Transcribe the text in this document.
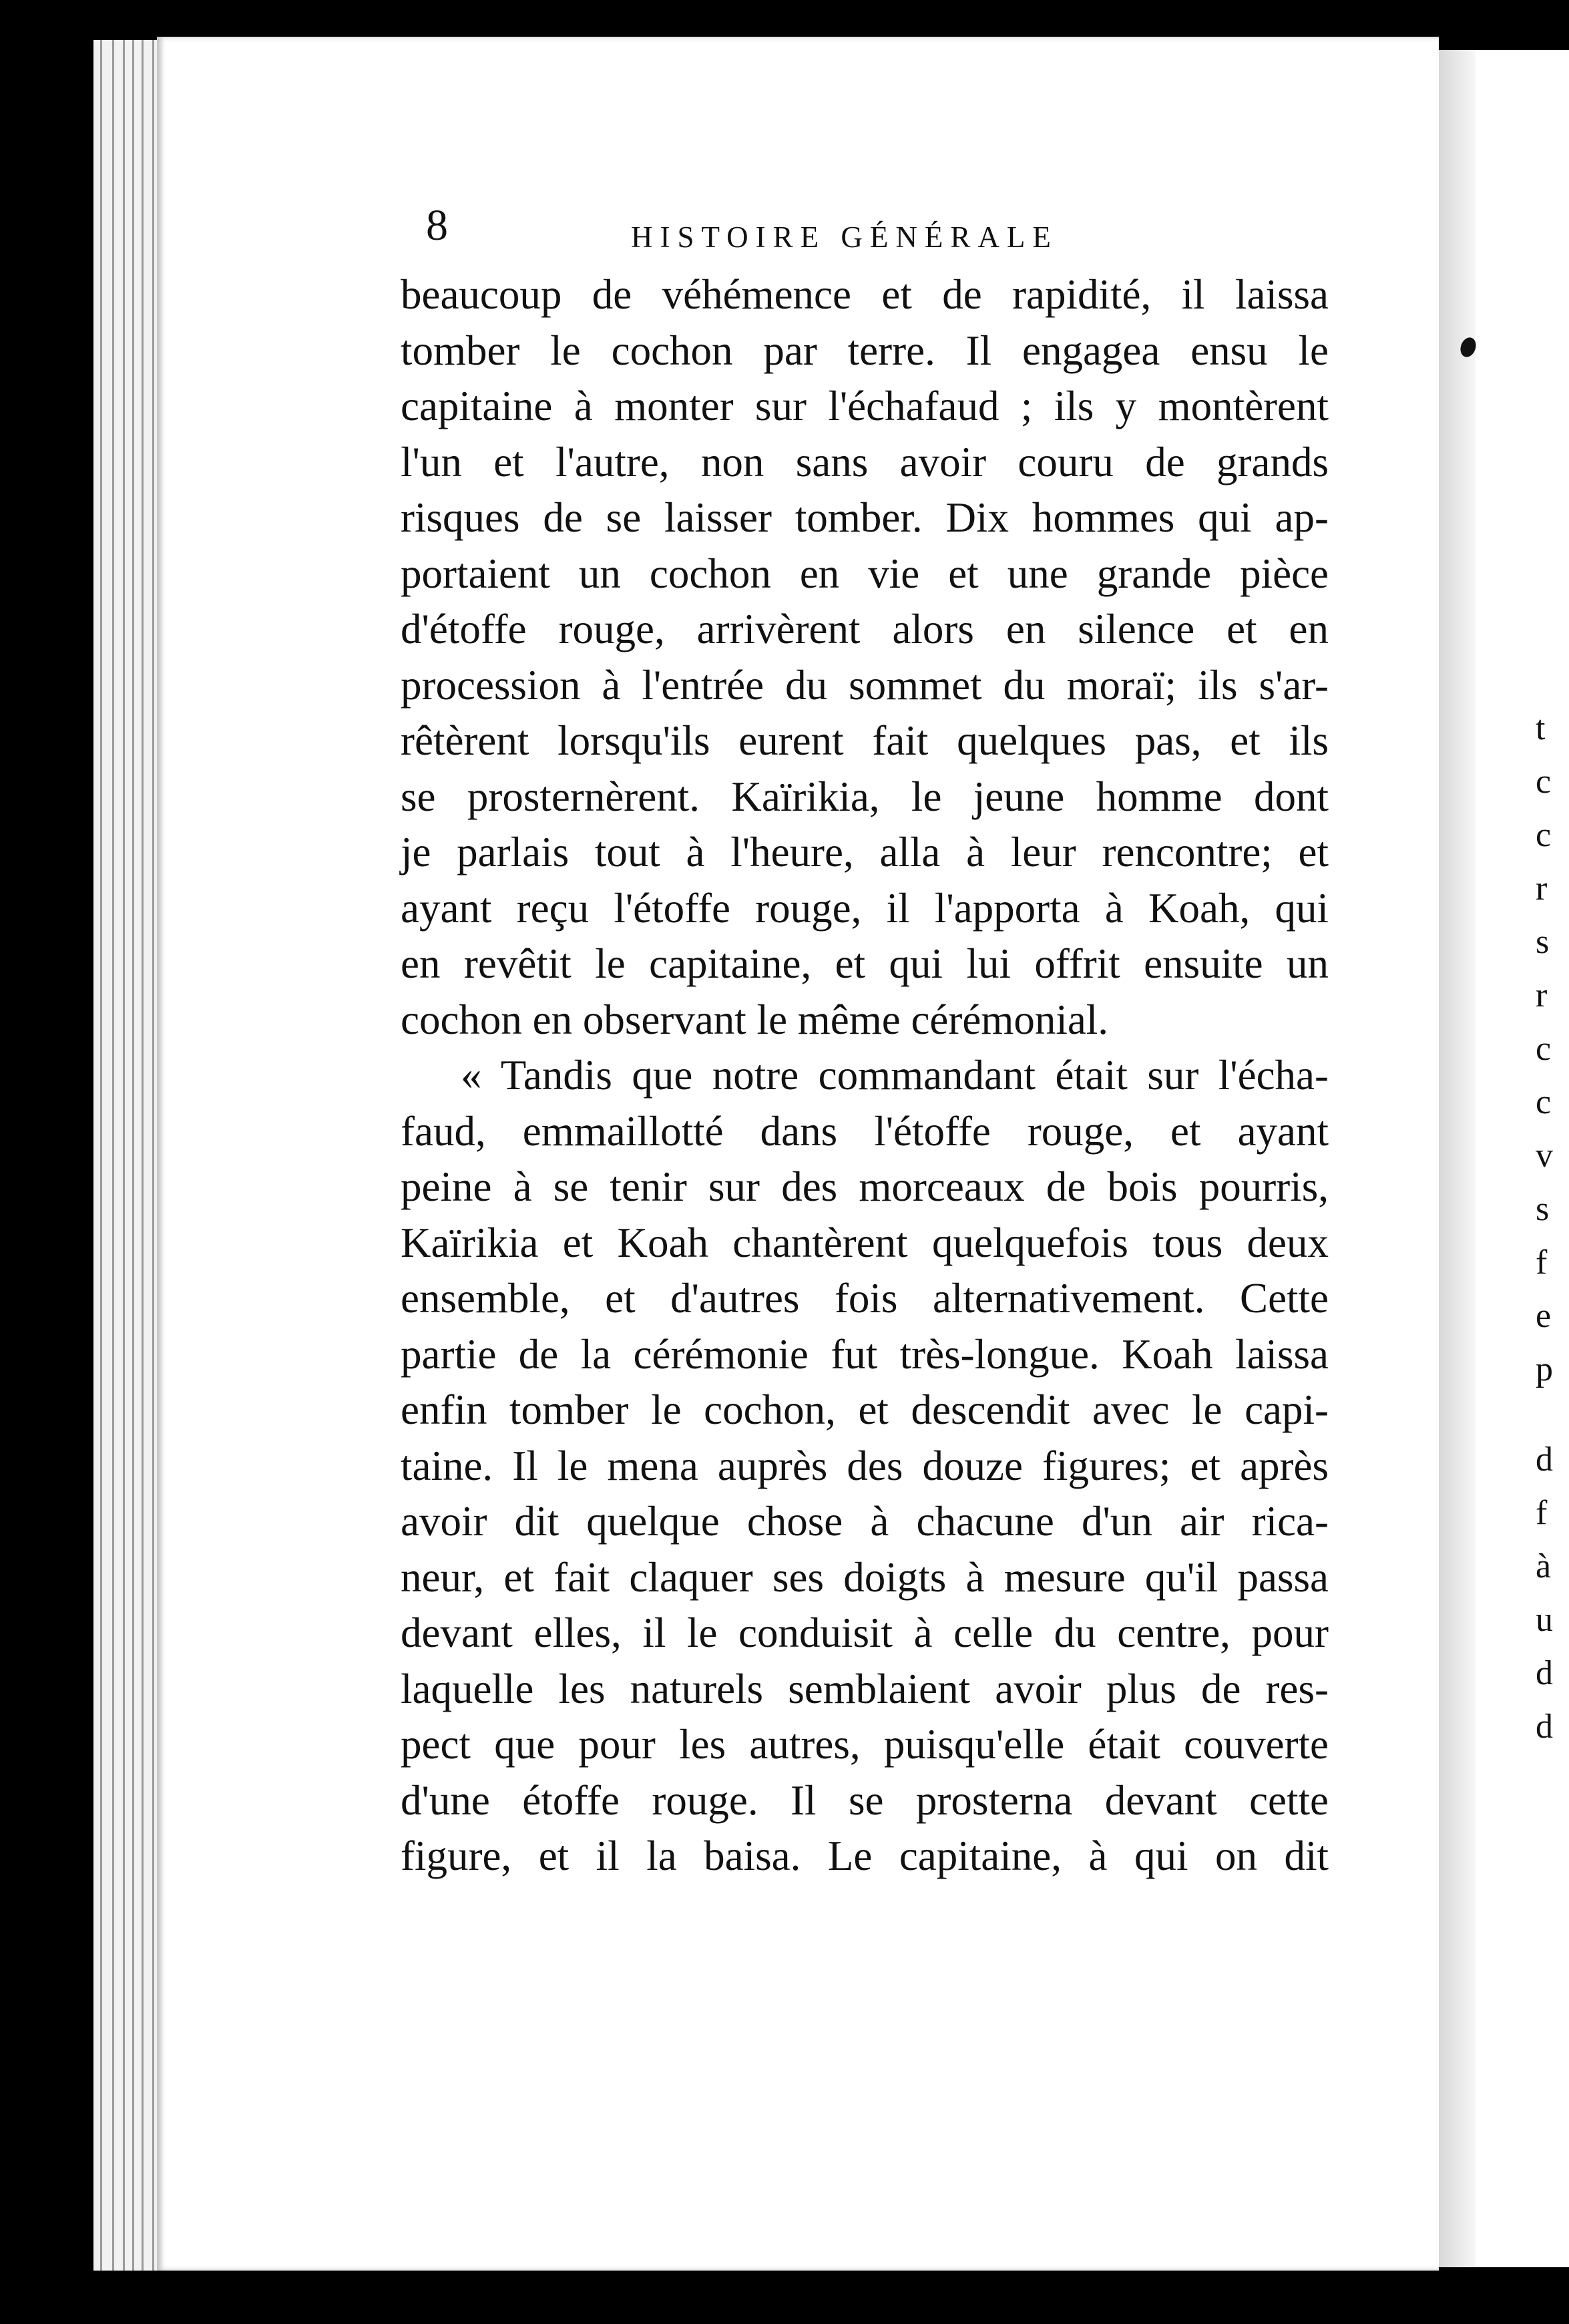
8	HISTOIRE GÉNÉRALE
beaucoup de véhémence et de rapidité, il laissa
tomber le cochon par terre. Il engagea ensu le
capitaine à monter sur l'échafaud ; ils y montèrent
l'un et l'autre, non sans avoir couru de grands
risques de se laisser tomber. Dix hommes qui ap-
portaient un cochon en vie et une grande pièce
d'étoffe rouge, arrivèrent alors en silence et en
procession à l'entrée du sommet du moraï; ils s'ar-
rêtèrent lorsqu'ils eurent fait quelques pas, et ils
se prosternèrent. Kaïrikia, le jeune homme dont
je parlais tout à l'heure, alla à leur rencontre; et
ayant reçu l'étoffe rouge, il l'apporta à Koah, qui
en revêtit le capitaine, et qui lui offrit ensuite un
cochon en observant le même cérémonial.
« Tandis que notre commandant était sur l'écha-
faud, emmaillotté dans l'étoffe rouge, et ayant
peine à se tenir sur des morceaux de bois pourris,
Kaïrikia et Koah chantèrent quelquefois tous deux
ensemble, et d'autres fois alternativement. Cette
partie de la cérémonie fut très-longue. Koah laissa
enfin tomber le cochon, et descendit avec le capi-
taine. Il le mena auprès des douze figures; et après
avoir dit quelque chose à chacune d'un air rica-
neur, et fait claquer ses doigts à mesure qu'il passa
devant elles, il le conduisit à celle du centre, pour
laquelle les naturels semblaient avoir plus de res-
pect que pour les autres, puisqu'elle était couverte
d'une étoffe rouge. Il se prosterna devant cette
figure, et il la baisa. Le capitaine, à qui on dit
t
c
c
r
s
r
c
c
v
s
f
e
p
d
f
à
u
d
d
